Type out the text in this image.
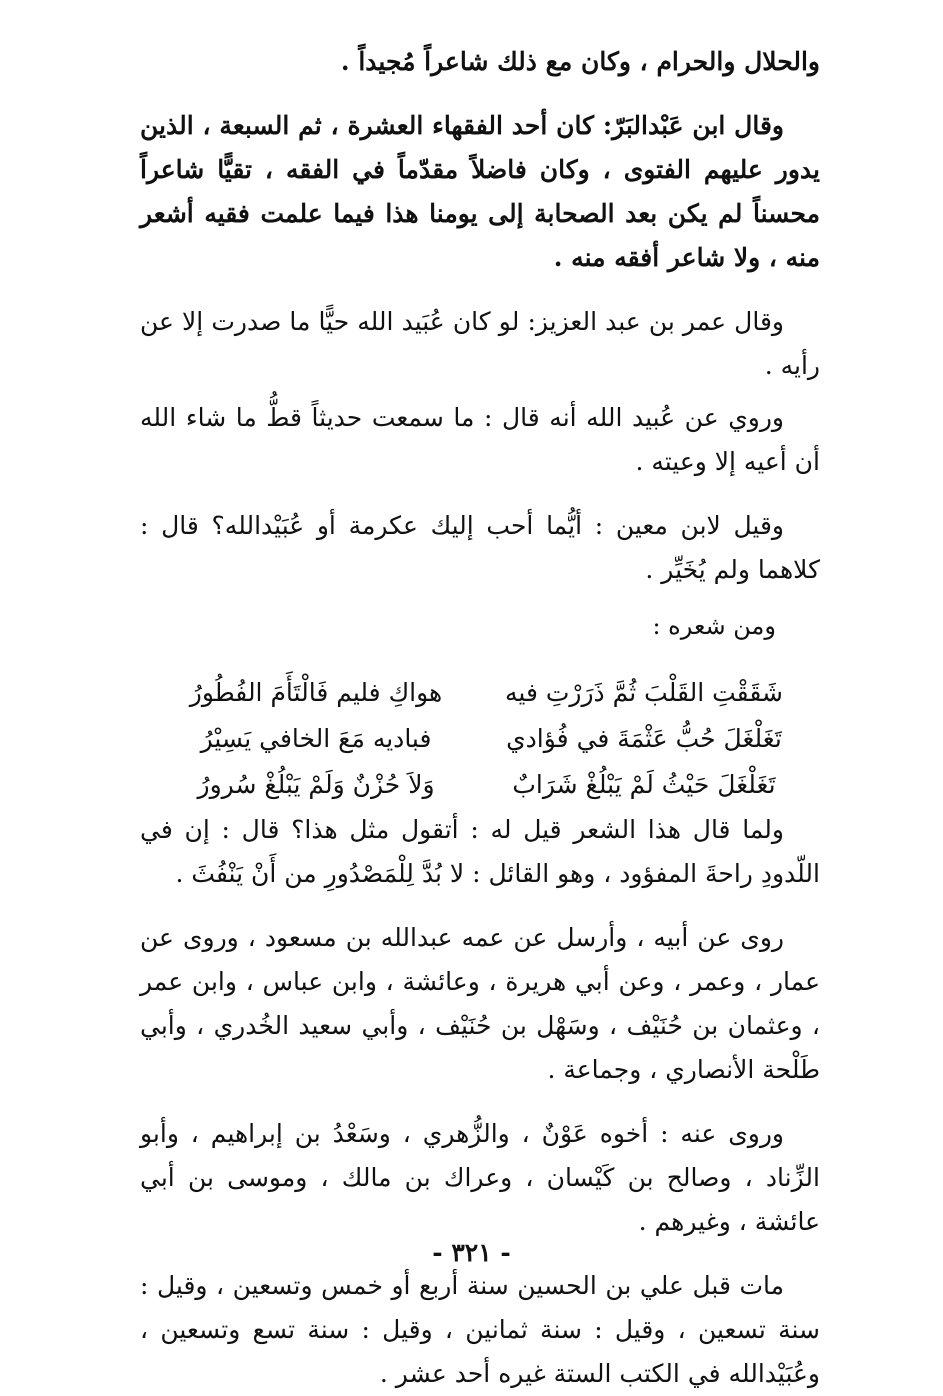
والحلال والحرام ، وكان مع ذلك شاعراً مُجيداً .

وقال ابن عَبْدالبَرّ: كان أحد الفقهاء العشرة ، ثم السبعة ، الذين يدور عليهم الفتوى ، وكان فاضلاً مقدّماً في الفقه ، تقيًّا شاعراً محسناً لم يكن بعد الصحابة إلى يومنا هذا فيما علمت فقيه أشعر منه ، ولا شاعر أفقه منه .

وقال عمر بن عبد العزيز: لو كان عُبَيد الله حيًّا ما صدرت إلا عن رأيه .

وروي عن عُبيد الله أنه قال : ما سمعت حديثاً قطُّ ما شاء الله أن أعيه إلا وعيته .

وقيل لابن معين : أيُّما أحب إليك عكرمة أو عُبَيْدالله؟ قال : كلاهما ولم يُخَيِّر .

ومن شعره :

شَقَقْتِ القَلْبَ ثُمَّ ذَرَرْتِ فيه هواكِ فليم فَالْتَأَمَ الفُطُورُ
تَغَلْغَلَ حُبُّ عَثْمَةَ في فُؤادي فباديه مَعَ الخافي يَسِيْرُ
تَغَلْغَلَ حَيْثُ لَمْ يَبْلُغْ شَرَابٌ وَلاَ حُزْنٌ وَلَمْ يَبْلُغْ سُرورُ

ولما قال هذا الشعر قيل له : أتقول مثل هذا؟ قال : إن في اللّدودِ راحةَ المفؤود ، وهو القائل : لا بُدَّ لِلْمَصْدُورِ من أَنْ يَنْفُثَ .

روى عن أبيه ، وأرسل عن عمه عبدالله بن مسعود ، وروى عن عمار ، وعمر ، وعن أبي هريرة ، وعائشة ، وابن عباس ، وابن عمر ، وعثمان بن حُنَيْف ، وسَهْل بن حُنَيْف ، وأبي سعيد الخُدري ، وأبي طَلْحة الأنصاري ، وجماعة .

وروى عنه : أخوه عَوْنٌ ، والزُّهري ، وسَعْدُ بن إبراهيم ، وأبو الزِّناد ، وصالح بن كَيْسان ، وعراك بن مالك ، وموسى بن أبي عائشة ، وغيرهم .

مات قبل علي بن الحسين سنة أربع أو خمس وتسعين ، وقيل : سنة تسعين ، وقيل : سنة ثمانين ، وقيل : سنة تسع وتسعين ، وعُبَيْدالله في الكتب الستة غيره أحد عشر .

- ٣٢١ -
